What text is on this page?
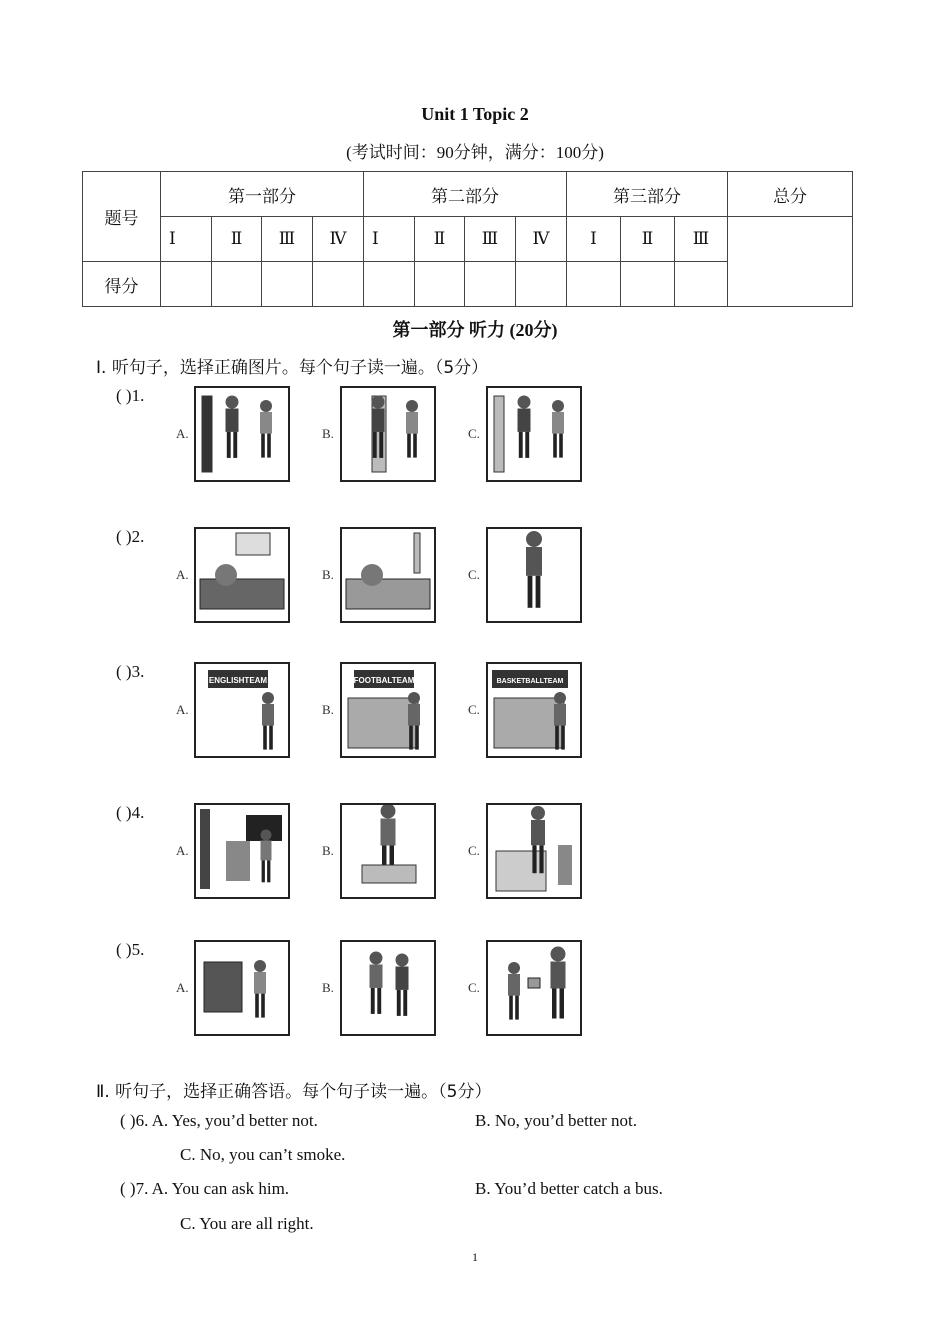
Unit 1 Topic 2
(考试时间：90分钟，满分：100分)
题号	第一部分				第二部分				第三部分			总分
	Ⅰ	Ⅱ	Ⅲ	Ⅳ	Ⅰ	Ⅱ	Ⅲ	Ⅳ	Ⅰ	Ⅱ	Ⅲ	
得分												
第一部分 听力 (20分)
Ⅰ. 听句子，选择正确图片。每个句子读一遍。（5分）
( )1.
A.	B.	C.
( )2.
A.	B.	C.
( )3.
A.
ENGLISHTEAM
B.
FOOTBALTEAM
C.
BASKETBALLTEAM
( )4.
A.	B.	C.
( )5.
A.	B.	C.
Ⅱ. 听句子，选择正确答语。每个句子读一遍。（5分）
( )6. A. Yes, you’d better not.	B. No, you’d better not.
C. No, you can’t smoke.
( )7. A. You can ask him.	B. You’d better catch a bus.
C. You are all right.
1
